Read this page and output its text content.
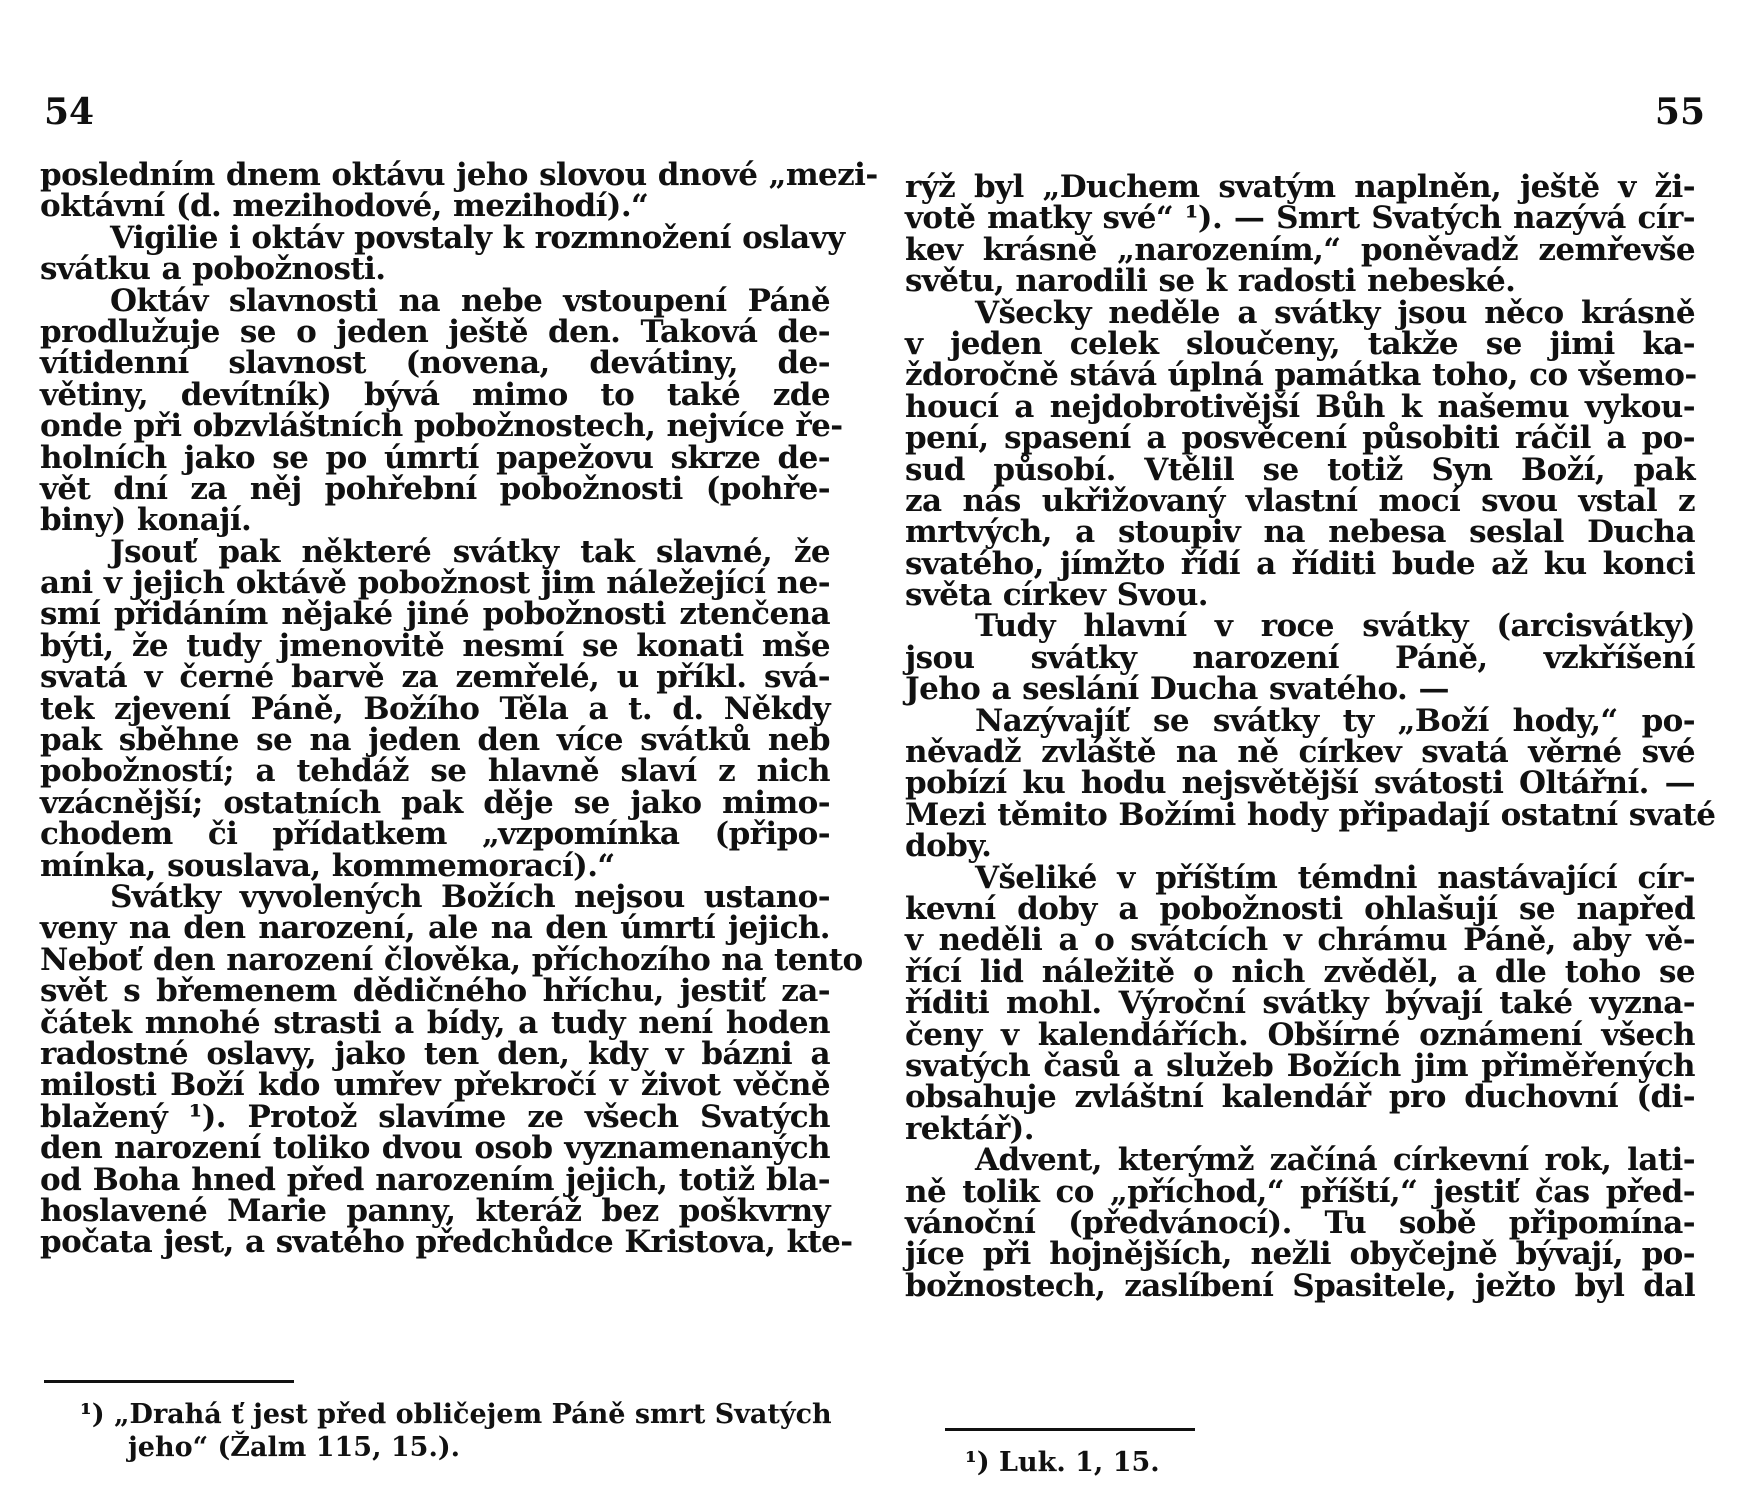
54
posledním dnem oktávu jeho slovou dnové „mezi-
oktávní (d. mezihodové, mezihodí).“
Vigilie i oktáv povstaly k rozmnožení oslavy
svátku a pobožnosti.
Oktáv slavnosti na nebe vstoupení Páně
prodlužuje se o jeden ještě den. Taková de-
vítidenní slavnost (novena, devátiny, de-
větiny, devítník) bývá mimo to také zde
onde při obzvláštních pobožnostech, nejvíce ře-
holních jako se po úmrtí papežovu skrze de-
vět dní za něj pohřební pobožnosti (pohře-
biny) konají.
Jsouť pak některé svátky tak slavné, že
ani v jejich oktávě pobožnost jim náležející ne-
smí přidáním nějaké jiné pobožnosti ztenčena
býti, že tudy jmenovitě nesmí se konati mše
svatá v černé barvě za zemřelé, u příkl. svá-
tek zjevení Páně, Božího Těla a t. d. Někdy
pak sběhne se na jeden den více svátků neb
pobožností; a tehdáž se hlavně slaví z nich
vzácnější; ostatních pak děje se jako mimo-
chodem či přídatkem „vzpomínka (připo-
mínka, souslava, kommemorací).“
Svátky vyvolených Božích nejsou ustano-
veny na den narození, ale na den úmrtí jejich.
Neboť den narození člověka, příchozího na tento
svět s břemenem dědičného hříchu, jestiť za-
čátek mnohé strasti a bídy, a tudy není hoden
radostné oslavy, jako ten den, kdy v bázni a
milosti Boží kdo umřev překročí v život věčně
blažený ¹). Protož slavíme ze všech Svatých
den narození toliko dvou osob vyznamenaných
od Boha hned před narozením jejich, totiž bla-
hoslavené Marie panny, kteráž bez poškvrny
počata jest, a svatého předchůdce Kristova, kte-
¹) „Drahá ť jest před obličejem Páně smrt Svatých
jeho“ (Žalm 115, 15.).
55
rýž byl „Duchem svatým naplněn, ještě v ži-
votě matky své“ ¹). — Smrt Svatých nazývá cír-
kev krásně „narozením,“ poněvadž zemřevše
světu, narodili se k radosti nebeské.
Všecky neděle a svátky jsou něco krásně
v jeden celek sloučeny, takže se jimi ka-
ždoročně stává úplná památka toho, co všemo-
houcí a nejdobrotivější Bůh k našemu vykou-
pení, spasení a posvěcení působiti ráčil a po-
sud působí. Vtělil se totiž Syn Boží, pak
za nás ukřižovaný vlastní mocí svou vstal z
mrtvých, a stoupiv na nebesa seslal Ducha
svatého, jímžto řídí a říditi bude až ku konci
světa církev Svou.
Tudy hlavní v roce svátky (arcisvátky)
jsou svátky narození Páně, vzkříšení
Jeho a seslání Ducha svatého. —
Nazývajíť se svátky ty „Boží hody,“ po-
něvadž zvláště na ně církev svatá věrné své
pobízí ku hodu nejsvětější svátosti Oltářní. —
Mezi těmito Božími hody připadají ostatní svaté
doby.
Všeliké v příštím témdni nastávající cír-
kevní doby a pobožnosti ohlašují se napřed
v neděli a o svátcích v chrámu Páně, aby vě-
řící lid náležitě o nich zvěděl, a dle toho se
říditi mohl. Výroční svátky bývají také vyzna-
čeny v kalendářích. Obšírné oznámení všech
svatých časů a služeb Božích jim přiměřených
obsahuje zvláštní kalendář pro duchovní (di-
rektář).
Advent, kterýmž začíná církevní rok, lati-
ně tolik co „příchod,“ příští,“ jestiť čas před-
vánoční (předvánocí). Tu sobě připomína-
jíce při hojnějších, nežli obyčejně bývají, po-
božnostech, zaslíbení Spasitele, ježto byl dal
¹) Luk. 1, 15.
